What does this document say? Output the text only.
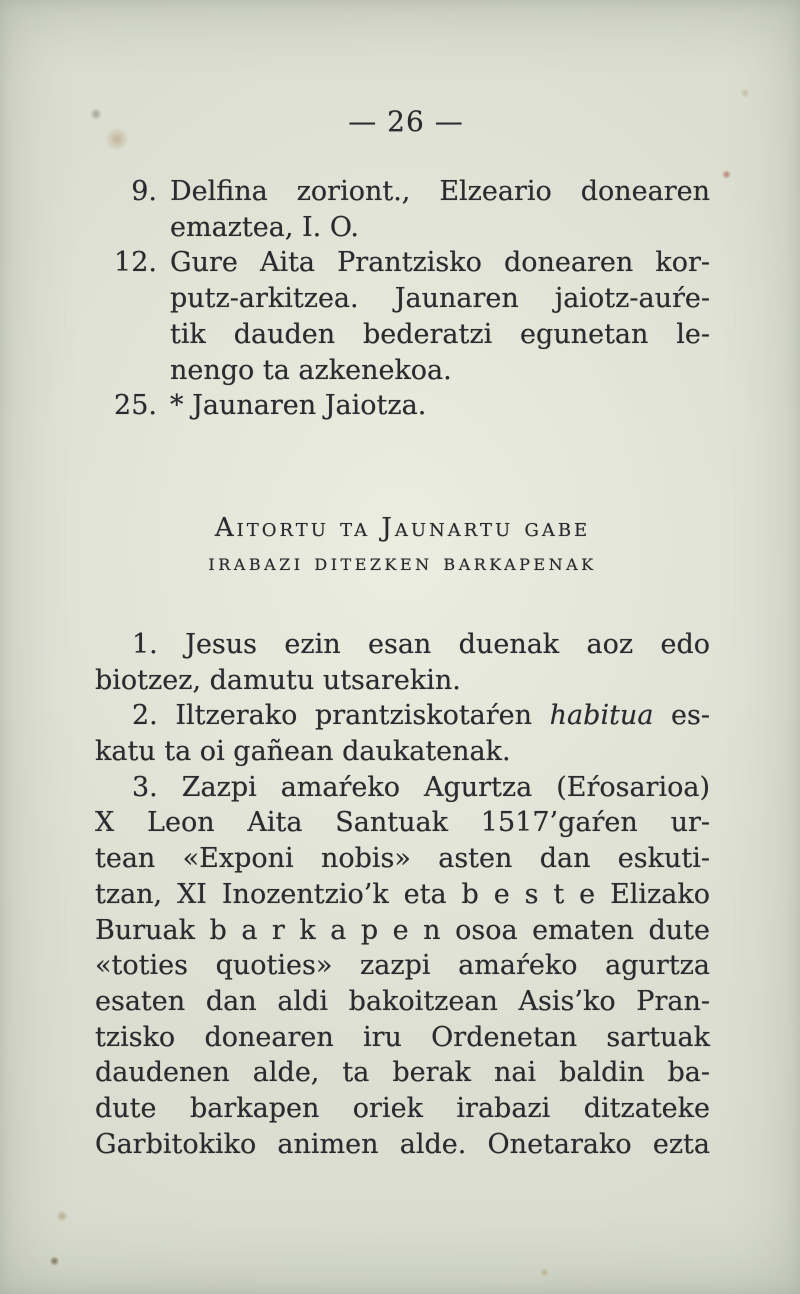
— 26 —
9. Delfina zoriont., Elzeario donearen
emaztea, I. O.
12. Gure Aita Prantzisko donearen kor-
putz-arkitzea. Jaunaren jaiotz-auŕe-
tik dauden bederatzi egunetan le-
nengo ta azkenekoa.
25. * Jaunaren Jaiotza.
Aitortu ta Jaunartu gabe
irabazi ditezken barkapenak
1. Jesus ezin esan duenak aoz edo
biotzez, damutu utsarekin.
2. Iltzerako prantziskotaŕen habitua es-
katu ta oi gañean daukatenak.
3. Zazpi amaŕeko Agurtza (Eŕosarioa)
X Leon Aita Santuak 1517’gaŕen ur-
tean «Exponi nobis» asten dan eskuti-
tzan, XI Inozentzio’k eta b e s t e Elizako
Buruak b a r k a p e n osoa ematen dute
«toties quoties» zazpi amaŕeko agurtza
esaten dan aldi bakoitzean Asis’ko Pran-
tzisko donearen iru Ordenetan sartuak
daudenen alde, ta berak nai baldin ba-
dute barkapen oriek irabazi ditzateke
Garbitokiko animen alde. Onetarako ezta
